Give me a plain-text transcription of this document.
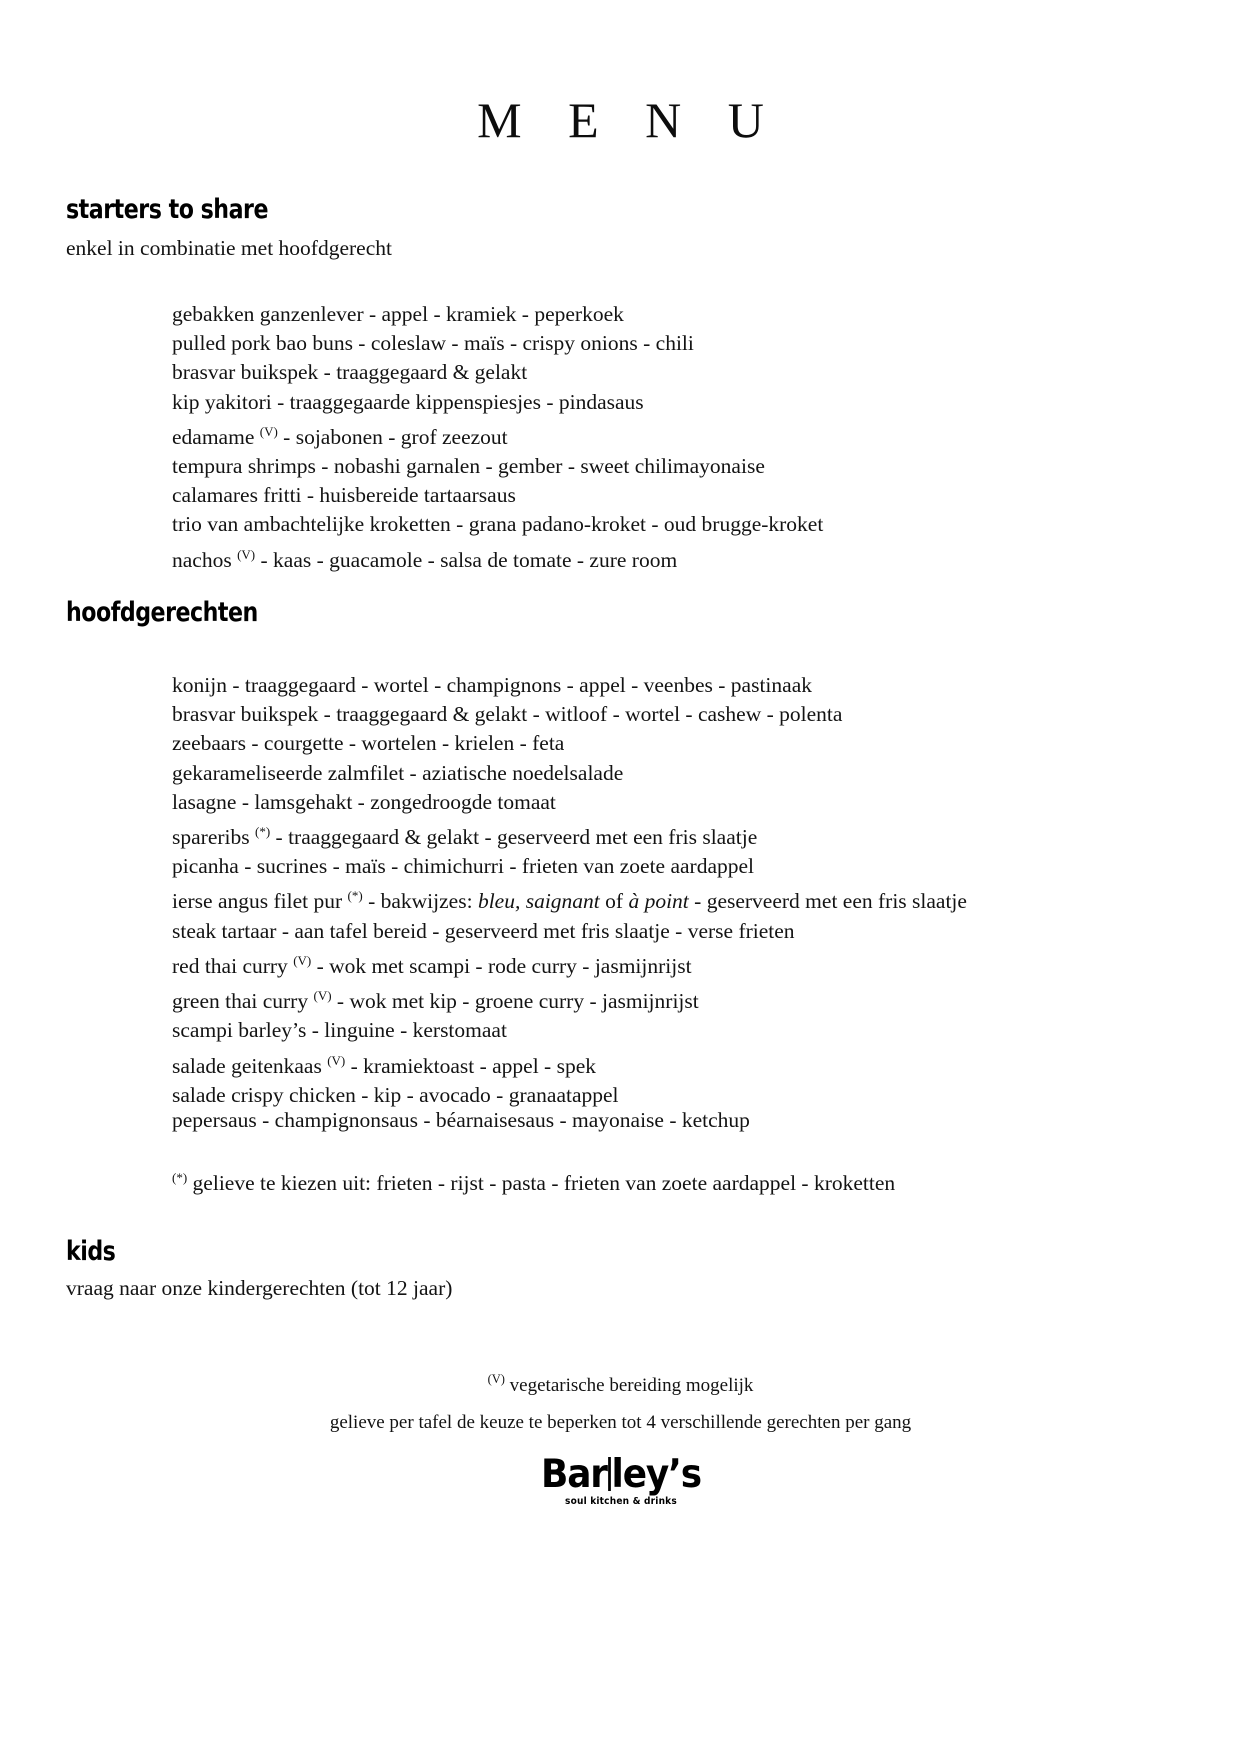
M E N U
starters to share
enkel in combinatie met hoofdgerecht
gebakken ganzenlever - appel - kramiek - peperkoek
pulled pork bao buns - coleslaw - maïs - crispy onions - chili
brasvar buikspek - traaggegaard & gelakt
kip yakitori - traaggegaarde kippenspiesjes - pindasaus
edamame $^{(V)}$ - sojabonen - grof zeezout
tempura shrimps - nobashi garnalen - gember - sweet chilimayonaise
calamares fritti - huisbereide tartaarsaus
trio van ambachtelijke kroketten - grana padano-kroket - oud brugge-kroket
nachos $^{(V)}$ - kaas - guacamole - salsa de tomate - zure room
hoofdgerechten
konijn - traaggegaard - wortel - champignons - appel - veenbes - pastinaak
brasvar buikspek - traaggegaard & gelakt - witloof - wortel - cashew - polenta
zeebaars - courgette - wortelen - krielen - feta
gekarameliseerde zalmfilet - aziatische noedelsalade
lasagne - lamsgehakt - zongedroogde tomaat
spareribs (*) - traaggegaard & gelakt - geserveerd met een fris slaatje
picanha - sucrines - maïs - chimichurri - frieten van zoete aardappel
ierse angus filet pur (*) - bakwijzes: bleu, saignant of à point - geserveerd met een fris slaatje
steak tartaar - aan tafel bereid - geserveerd met fris slaatje - verse frieten
red thai curry $^{(V)}$ - wok met scampi - rode curry - jasmijnrijst
green thai curry $^{(V)}$ - wok met kip - groene curry - jasmijnrijst
scampi barley’s - linguine - kerstomaat
salade geitenkaas $^{(V)}$ - kramiektoast - appel - spek
salade crispy chicken - kip - avocado - granaatappel
pepersaus - champignonsaus - béarnaisesaus - mayonaise - ketchup
(*) gelieve te kiezen uit: frieten - rijst - pasta - frieten van zoete aardappel - kroketten
kids
vraag naar onze kindergerechten (tot 12 jaar)
$^{(V)}$ vegetarische bereiding mogelijk
gelieve per tafel de keuze te beperken tot 4 verschillende gerechten per gang
Bar ley’s
soul kitchen & drinks
